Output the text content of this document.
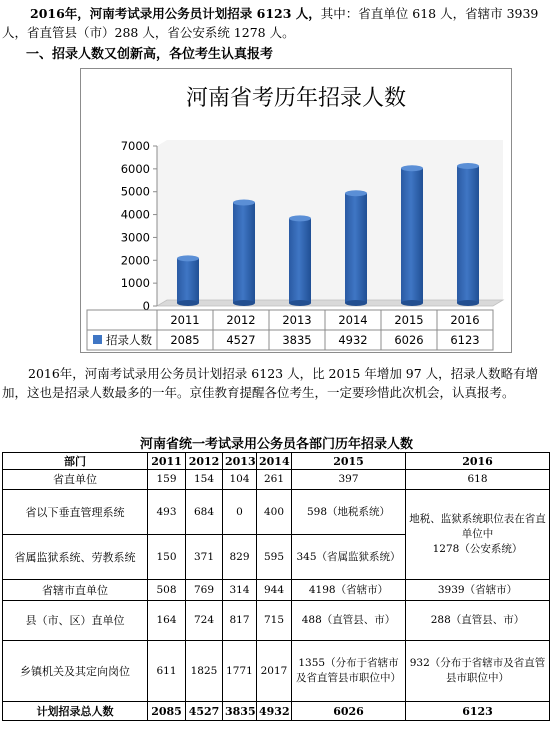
2016年，河南考试录用公务员计划招录 6123 人，其中：省直单位 618 人，省辖市 3939 人，省直管县（市）288 人，省公安系统 1278 人。

一、招录人数又创新高，各位考生认真报考
河南省考历年招录人数
0
1000
2000
3000
4000
5000
6000
7000
2011 2012 2013 2014 2015 2016
2085 4527 3835 4932 6026 6123
招录人数

2016年，河南考试录用公务员计划招录 6123 人，比 2015 年增加 97 人，招录人数略有增加，这也是招录人数最多的一年。京佳教育提醒各位考生，一定要珍惜此次机会，认真报考。

河南省统一考试录用公务员各部门历年招录人数
部门	2011	2012	2013	2014	2015	2016
省直单位	159	154	104	261	397	618
省以下垂直管理系统	493	684	0	400	598（地税系统）	地税、监狱系统职位表在省直单位中
1278（公安系统）
省属监狱系统、劳教系统	150	371	829	595	345（省属监狱系统）	
省辖市直单位	508	769	314	944	4198（省辖市）	3939（省辖市）
县（市、区）直单位	164	724	817	715	488（直管县、市）	288（直管县、市）
乡镇机关及其定向岗位	611	1825	1771	2017	1355（分布于省辖市及省直管县市职位中）	932（分布于省辖市及省直管县市职位中）
计划招录总人数	2085	4527	3835	4932	6026	6123
